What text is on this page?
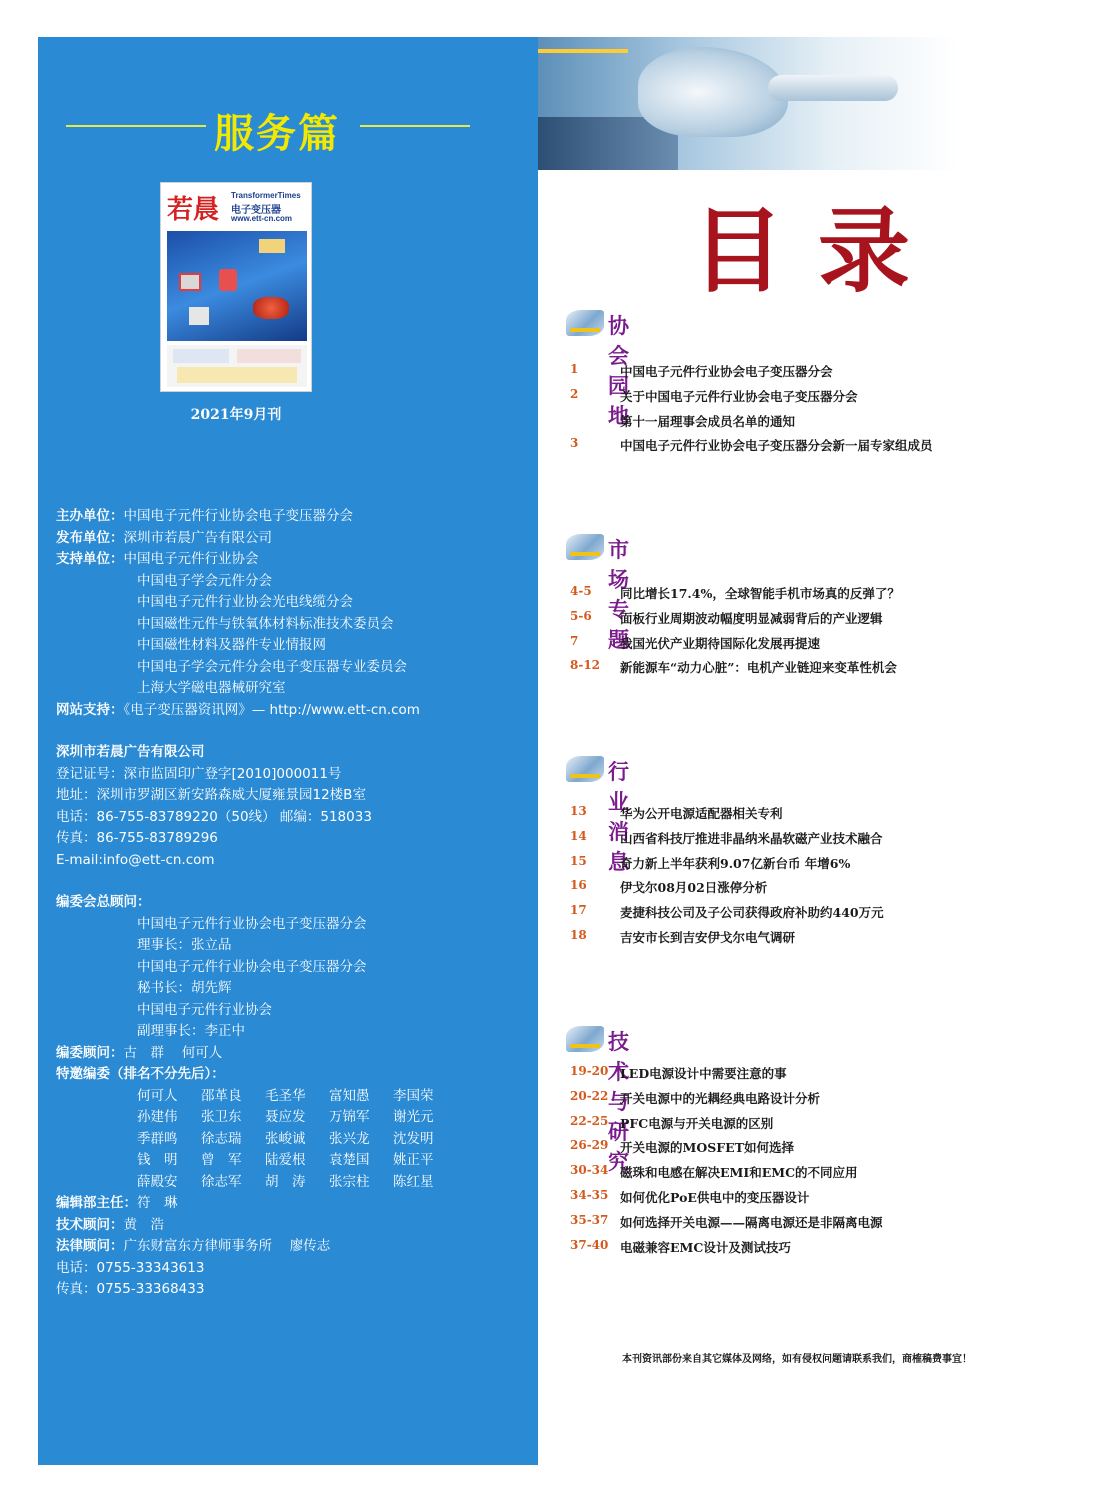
服务篇
若晨 TransformerTimes
电子变压器
www.ett-cn.com
2021年9月刊
主办单位：中国电子元件行业协会电子变压器分会
发布单位：深圳市若晨广告有限公司
支持单位：中国电子元件行业协会
中国电子学会元件分会
中国电子元件行业协会光电线缆分会
中国磁性元件与铁氧体材料标准技术委员会
中国磁性材料及器件专业情报网
中国电子学会元件分会电子变压器专业委员会
上海大学磁电器械研究室
网站支持：《电子变压器资讯网》— http://www.ett-cn.com
深圳市若晨广告有限公司
登记证号：深市监固印广登字[2010]000011号
地址：深圳市罗湖区新安路森威大厦雍景园12楼B室
电话：86-755-83789220（50线） 邮编：518033
传真：86-755-83789296
E-mail:info@ett-cn.com
编委会总顾问：
中国电子元件行业协会电子变压器分会
理事长：张立品
中国电子元件行业协会电子变压器分会
秘书长：胡先辉
中国电子元件行业协会
副理事长：李正中
编委顾问：古　群　 何可人
特邀编委（排名不分先后）：
何可人	邵革良	毛圣华	富知愚	李国荣
孙建伟	张卫东	聂应发	万锦军	谢光元
季群鸣	徐志瑞	张峻诚	张兴龙	沈发明
钱　明	曾　军	陆爱根	袁楚国	姚正平
薛殿安	徐志军	胡　涛	张宗柱	陈红星
编辑部主任：符　琳
技术顾问：黄　浩
法律顾问：广东财富东方律师事务所　 廖传志
电话：0755-33343613
传真：0755-33368433
目录
协会园地
1	中国电子元件行业协会电子变压器分会
2	关于中国电子元件行业协会电子变压器分会
第十一届理事会成员名单的通知
3	中国电子元件行业协会电子变压器分会新一届专家组成员
市场专题
4-5 同比增长17.4%，全球智能手机市场真的反弹了？
5-6 面板行业周期波动幅度明显减弱背后的产业逻辑
7	我国光伏产业期待国际化发展再提速
8-12 新能源车“动力心脏”：电机产业链迎来变革性机会
行业消息
13	华为公开电源适配器相关专利
14	山西省科技厅推进非晶纳米晶软磁产业技术融合
15	奇力新上半年获利9.07亿新台币 年增6%
16	伊戈尔08月02日涨停分析
17	麦捷科技公司及子公司获得政府补助约440万元
18	吉安市长到吉安伊戈尔电气调研
技术与研究
19-20 LED电源设计中需要注意的事
20-22 开关电源中的光耦经典电路设计分析
22-25 PFC电源与开关电源的区别
26-29 开关电源的MOSFET如何选择
30-34 磁珠和电感在解决EMI和EMC的不同应用
34-35 如何优化PoE供电中的变压器设计
35-37 如何选择开关电源——隔离电源还是非隔离电源
37-40 电磁兼容EMC设计及测试技巧
本刊资讯部份来自其它媒体及网络，如有侵权问题请联系我们，商榷稿费事宜！
